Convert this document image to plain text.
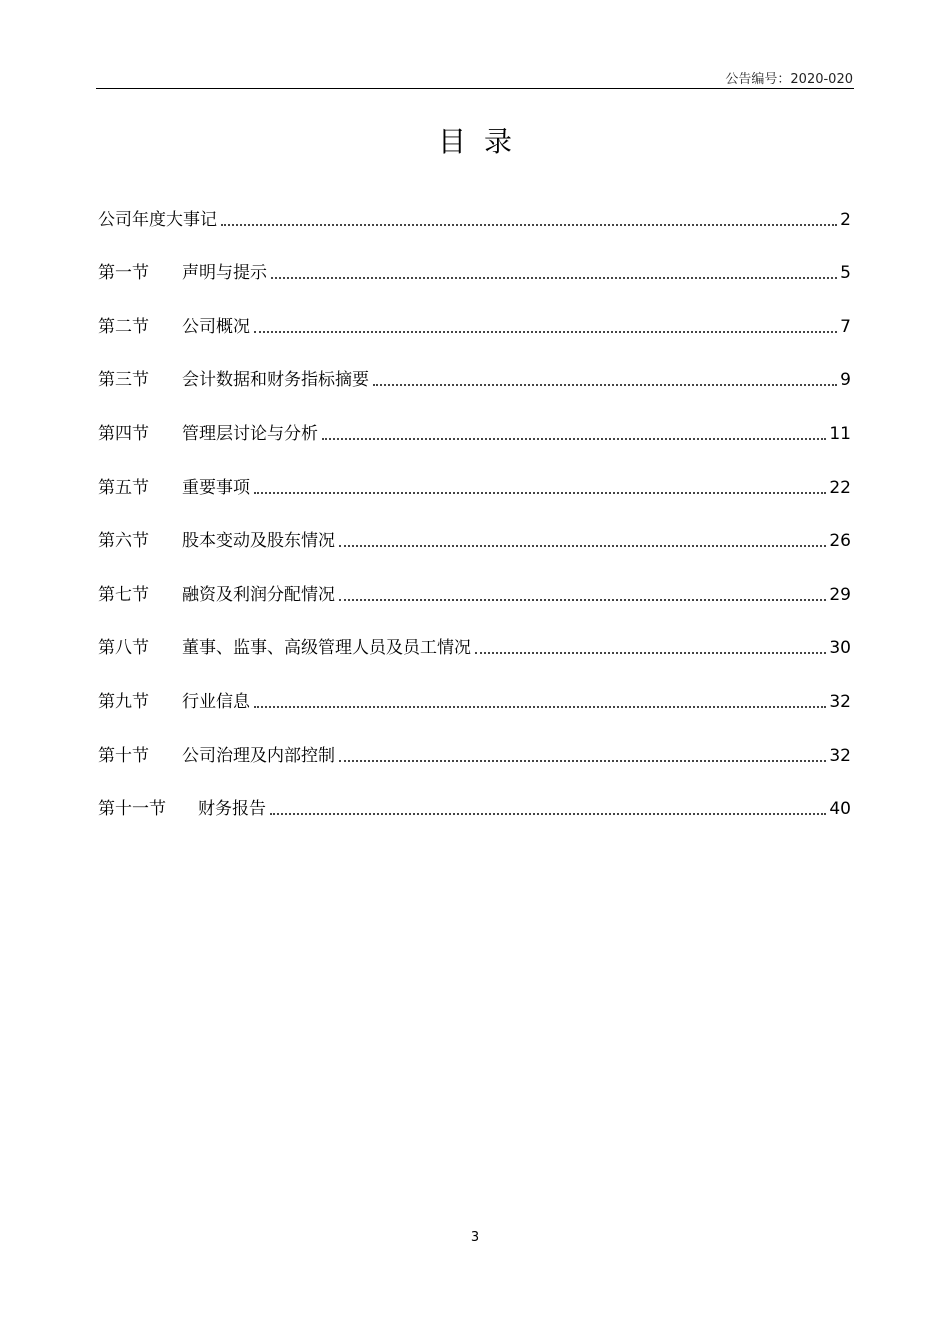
公告编号：2020-020
目录
公司年度大事记	2
第一节	声明与提示	5
第二节	公司概况	7
第三节	会计数据和财务指标摘要	9
第四节	管理层讨论与分析	11
第五节	重要事项	22
第六节	股本变动及股东情况	26
第七节	融资及利润分配情况	29
第八节	董事、监事、高级管理人员及员工情况	30
第九节	行业信息	32
第十节	公司治理及内部控制	32
第十一节	财务报告	40
3
